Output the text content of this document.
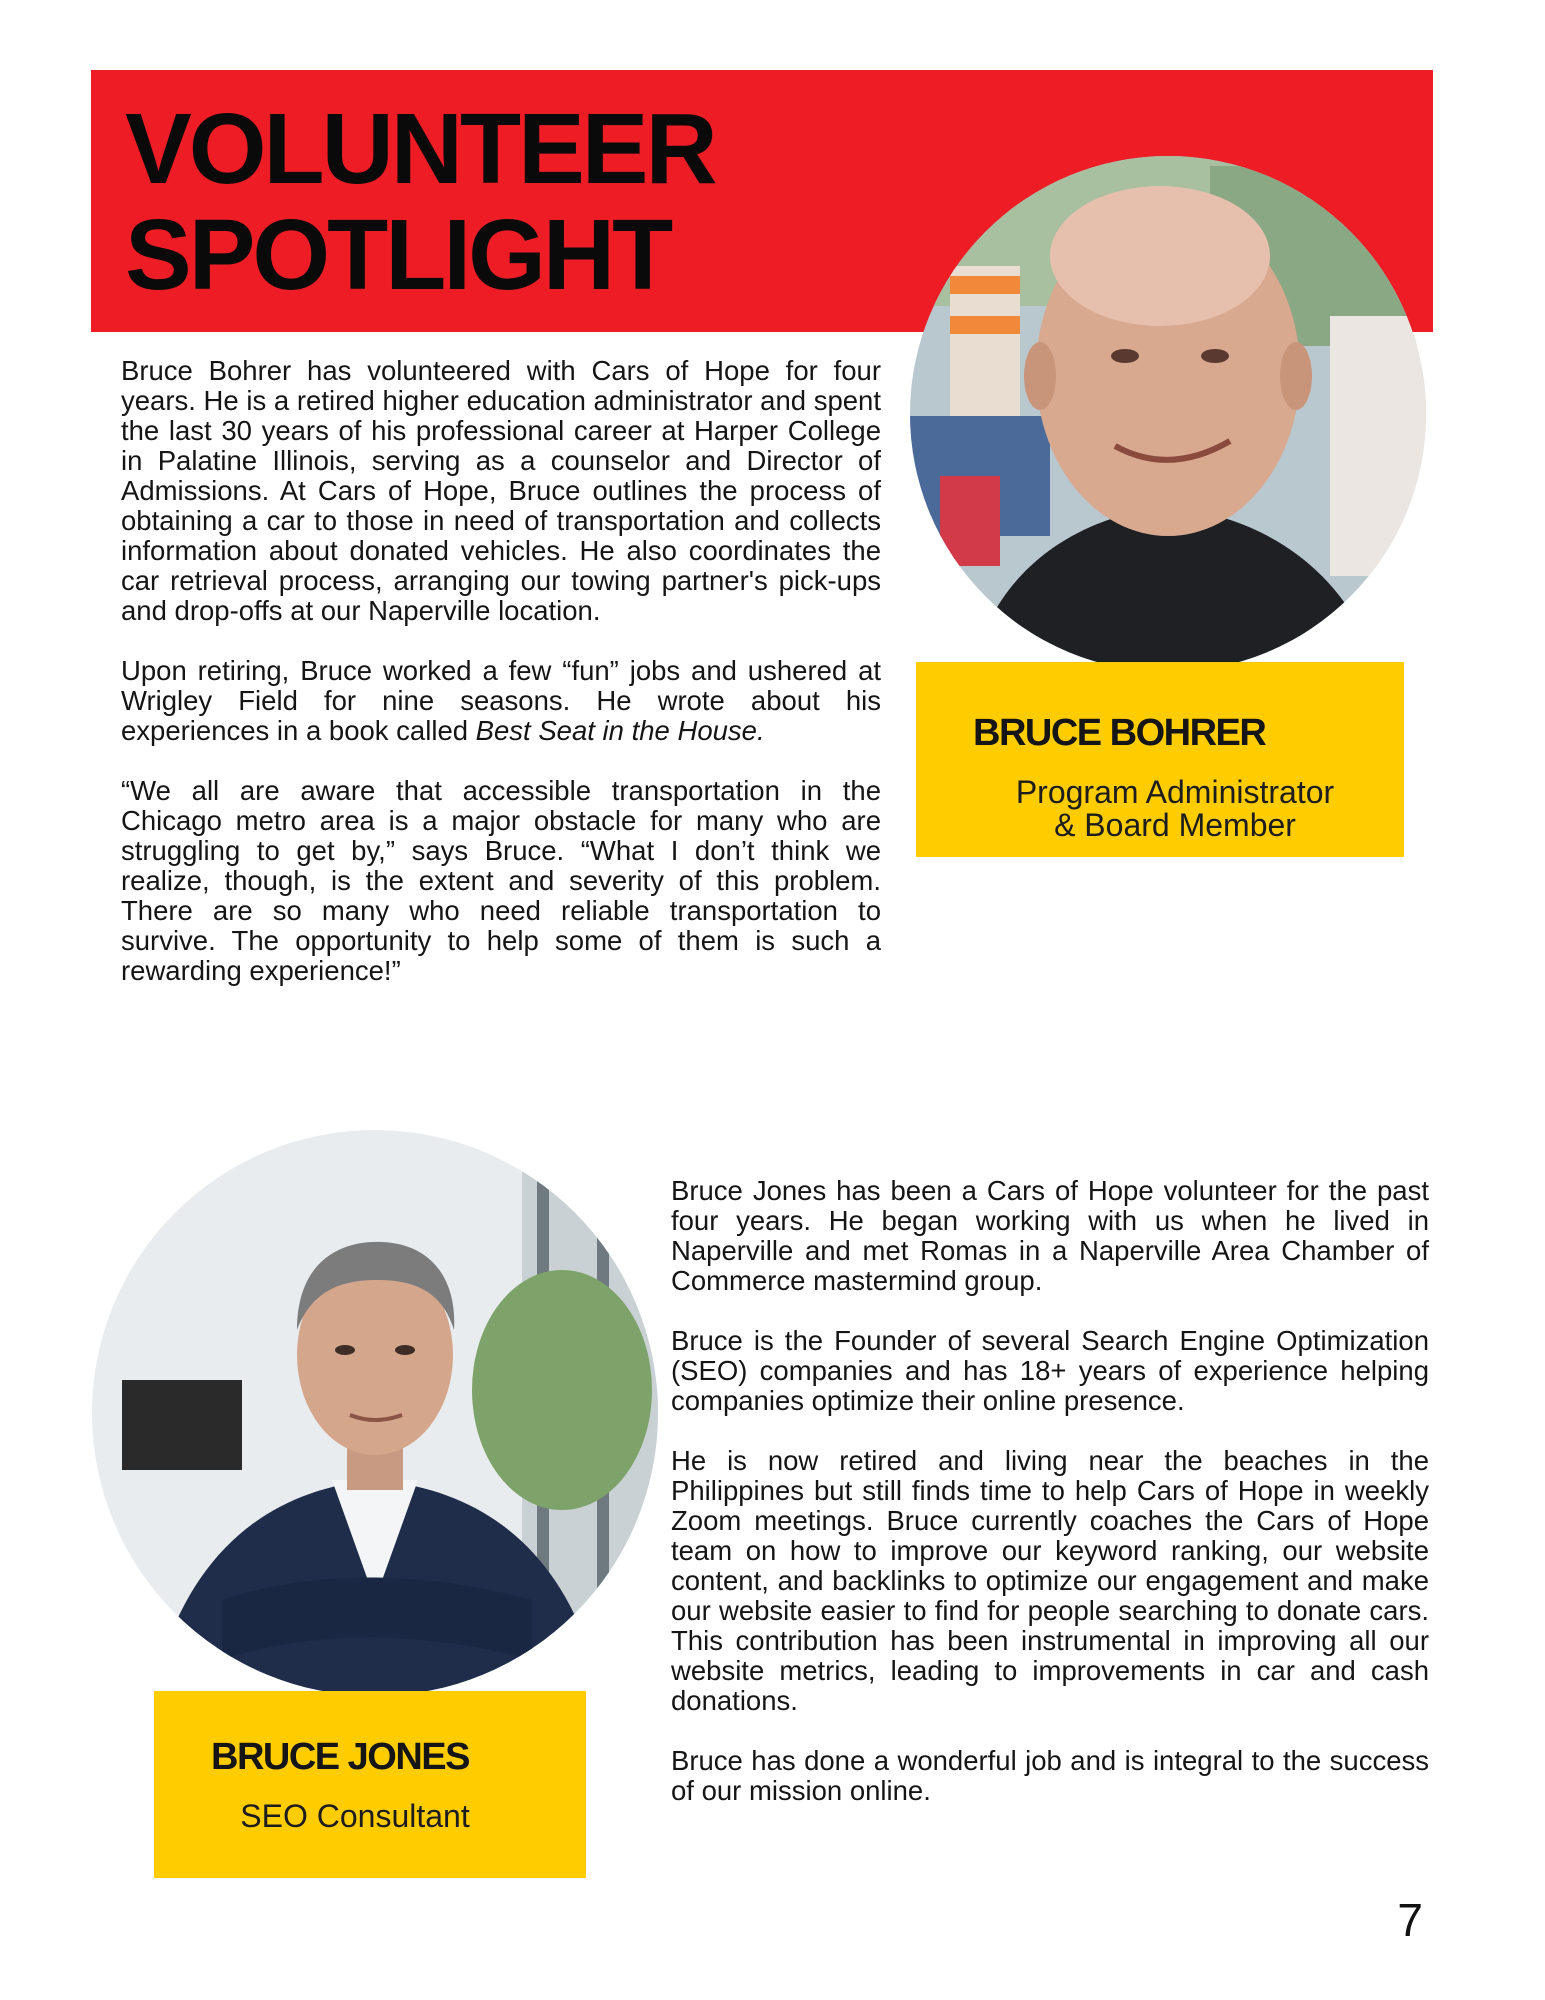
VOLUNTEER
SPOTLIGHT
BRUCE BOHRER

Program Administrator
& Board Member

Bruce Bohrer has volunteered with Cars of Hope for four years. He is a retired higher education administrator and spent the last 30 years of his professional career at Harper College in Palatine Illinois, serving as a counselor and Director of Admissions. At Cars of Hope, Bruce outlines the process of obtaining a car to those in need of transportation and collects information about donated vehicles. He also coordinates the car retrieval process, arranging our towing partner's pick-ups and drop-offs at our Naperville location.

Upon retiring, Bruce worked a few “fun” jobs and ushered at Wrigley Field for nine seasons. He wrote about his experiences in a book called Best Seat in the House.

“We all are aware that accessible transportation in the Chicago metro area is a major obstacle for many who are struggling to get by,” says Bruce. “What I don’t think we realize, though, is the extent and severity of this problem. There are so many who need reliable transportation to survive. The opportunity to help some of them is such a rewarding experience!”

BRUCE JONES

SEO Consultant

Bruce Jones has been a Cars of Hope volunteer for the past four years. He began working with us when he lived in Naperville and met Romas in a Naperville Area Chamber of Commerce mastermind group.

Bruce is the Founder of several Search Engine Optimization (SEO) companies and has 18+ years of experience helping companies optimize their online presence.

He is now retired and living near the beaches in the Philippines but still finds time to help Cars of Hope in weekly Zoom meetings. Bruce currently coaches the Cars of Hope team on how to improve our keyword ranking, our website content, and backlinks to optimize our engagement and make our website easier to find for people searching to donate cars. This contribution has been instrumental in improving all our website metrics, leading to improvements in car and cash donations.

Bruce has done a wonderful job and is integral to the success of our mission online.

7
